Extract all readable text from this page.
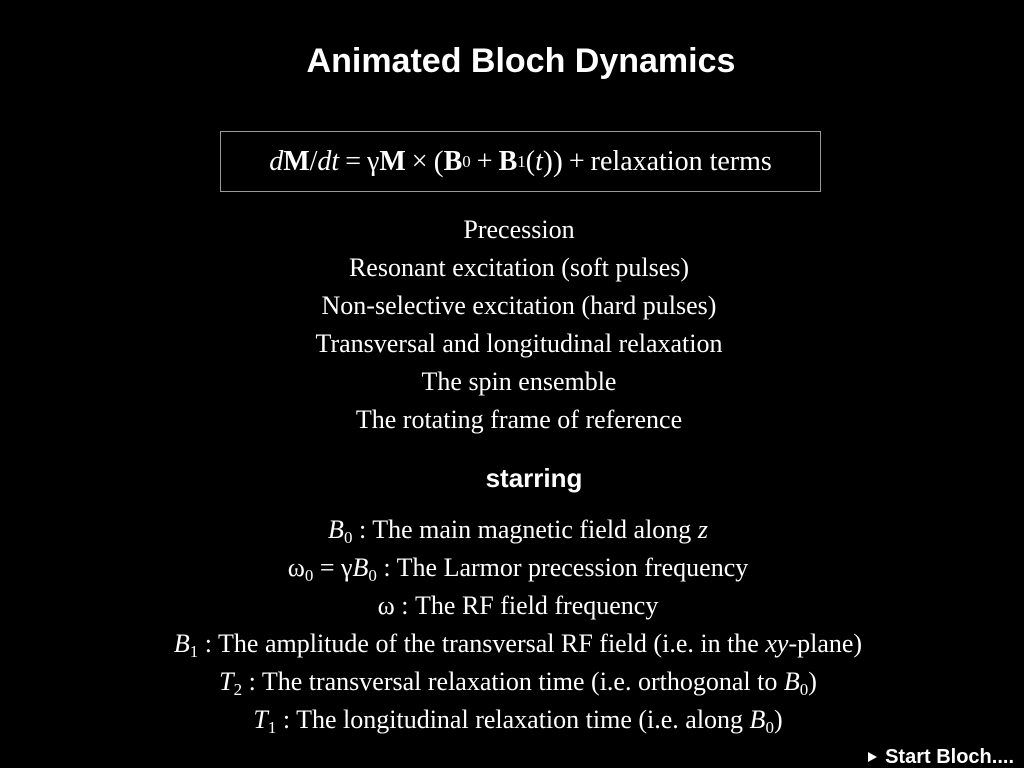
Animated Bloch Dynamics
d M / dt = γ M × ( B 0 + B 1 ( t )) + relaxation terms
Precession
Resonant excitation (soft pulses)
Non-selective excitation (hard pulses)
Transversal and longitudinal relaxation
The spin ensemble
The rotating frame of reference
starring
$B_0$ : The main magnetic field along z
$\omega_0 = \gamma B_0$ : The Larmor precession frequency
ω : The RF field frequency
$B_1$ : The amplitude of the transversal RF field (i.e. in the xy-plane)
$T_2$ : The transversal relaxation time (i.e. orthogonal to $B_0$)
$T_1$ : The longitudinal relaxation time (i.e. along $B_0$)
Start Bloch....
